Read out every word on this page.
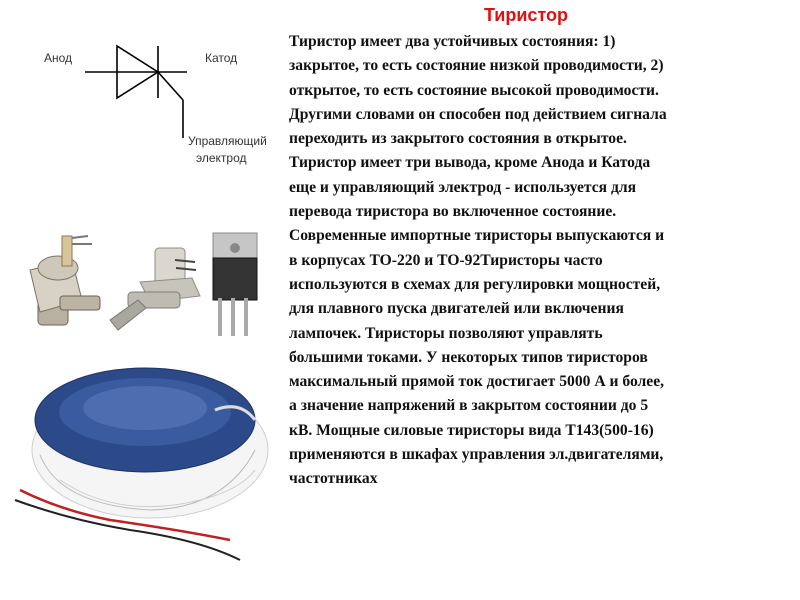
Тиристор
Анод	Катод
Управляющий
электрод
Тиристор имеет два устойчивых состояния: 1)
закрытое, то есть состояние низкой проводимости, 2)
открытое, то есть состояние высокой проводимости.
Другими словами он способен под действием сигнала
переходить из закрытого состояния в открытое.
Тиристор имеет три вывода, кроме Анода и Катода
еще и управляющий электрод - используется для
перевода тиристора во включенное состояние.
Современные импортные тиристоры выпускаются и
в корпусах ТО-220 и ТО-92Тиристоры часто
используются в схемах для регулировки мощностей,
для плавного пуска двигателей или включения
лампочек. Тиристоры позволяют управлять
большими токами. У некоторых типов тиристоров
максимальный прямой ток достигает 5000 А и более,
а значение напряжений в закрытом состоянии до 5
кВ. Мощные силовые тиристоры вида Т143(500-16)
применяются в шкафах управления эл.двигателями,
частотниках
